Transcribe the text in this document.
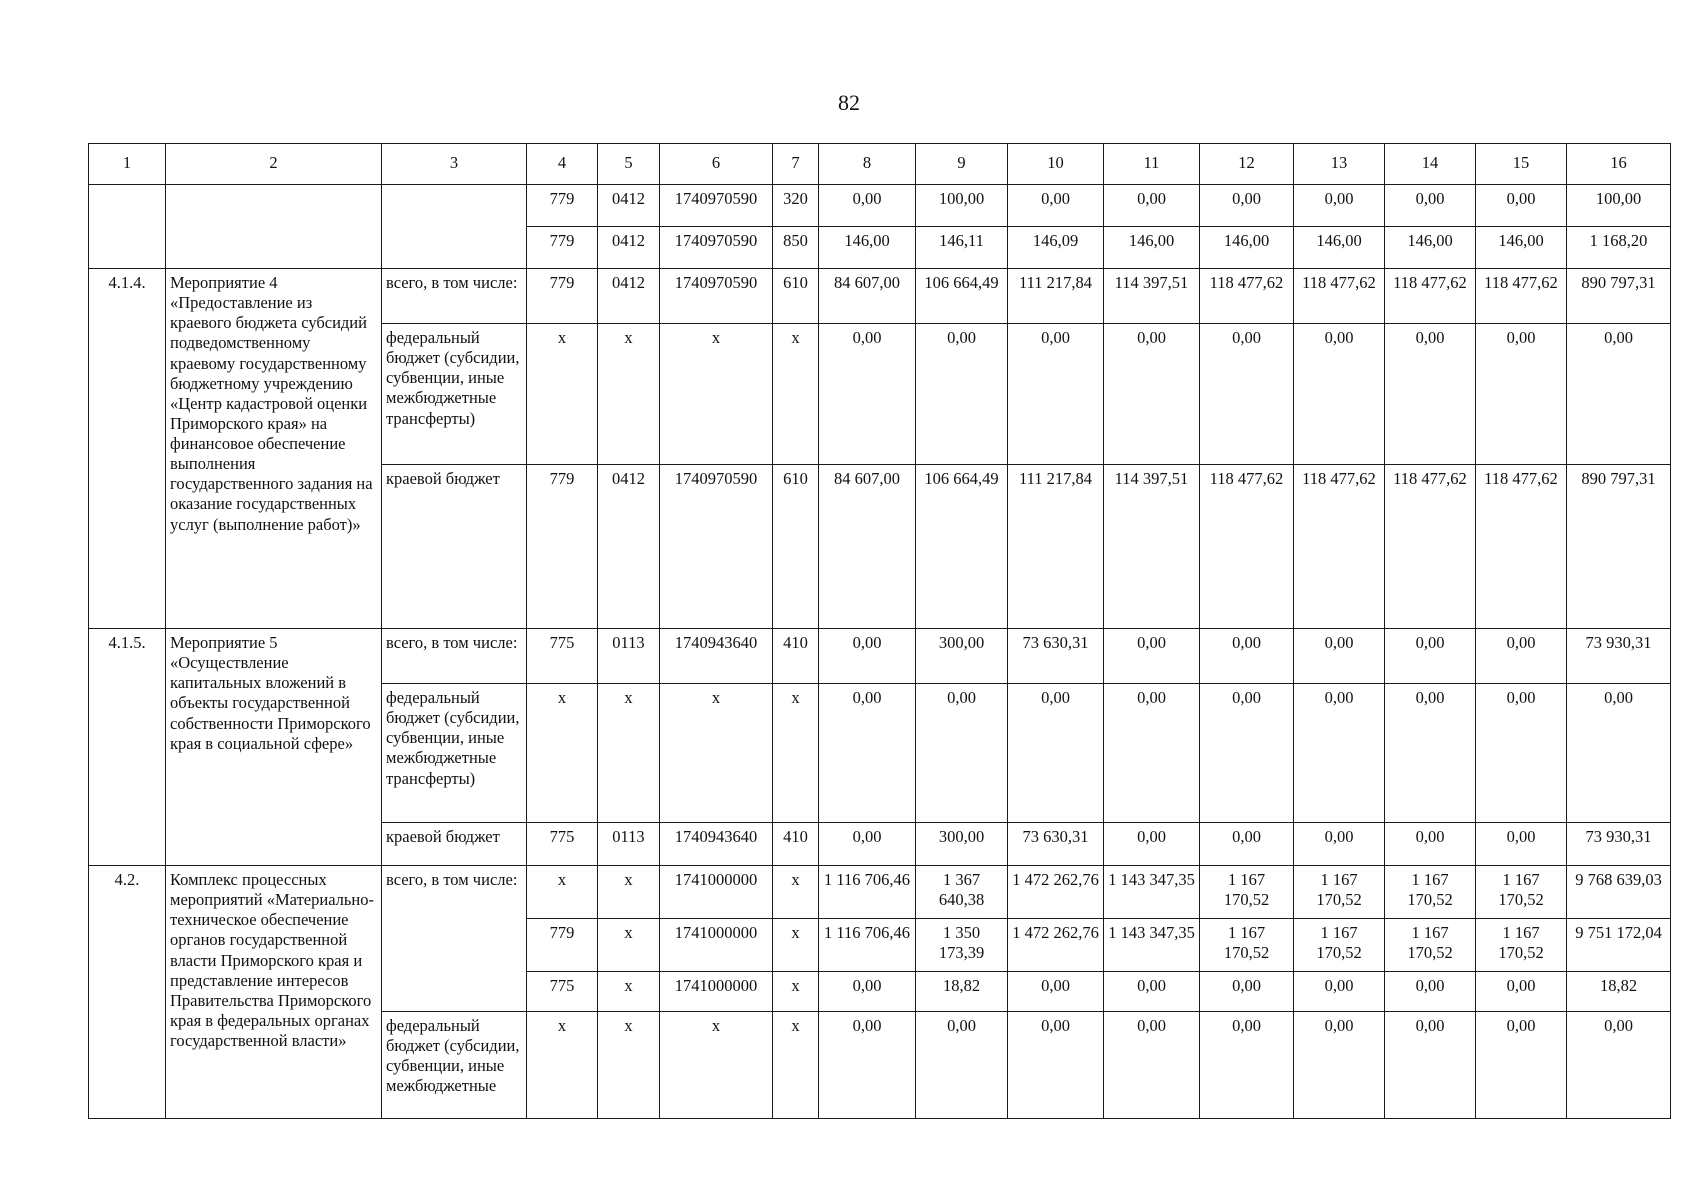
82
1	2	3	4	5	6	7	8	9	10	11	12	13	14	15	16
			779	0412	1740970590	320	0,00	100,00	0,00	0,00	0,00	0,00	0,00	0,00	100,00
			779	0412	1740970590	850	146,00	146,11	146,09	146,00	146,00	146,00	146,00	146,00	1 168,20
4.1.4.	Мероприятие 4 «Предоставление из краевого бюджета субсидий подведомственному краевому государственному бюджетному учреждению «Центр кадастровой оценки Приморского края» на финансовое обеспечение выполнения государственного задания на оказание государственных услуг (выполнение работ)»	всего, в том числе:	779	0412	1740970590	610	84 607,00	106 664,49	111 217,84	114 397,51	118 477,62	118 477,62	118 477,62	118 477,62	890 797,31
		федеральный бюджет (субсидии, субвенции, иные межбюджетные трансферты)	x	x	x	x	0,00	0,00	0,00	0,00	0,00	0,00	0,00	0,00	0,00
		краевой бюджет	779	0412	1740970590	610	84 607,00	106 664,49	111 217,84	114 397,51	118 477,62	118 477,62	118 477,62	118 477,62	890 797,31
4.1.5.	Мероприятие 5 «Осуществление капитальных вложений в объекты государственной собственности Приморского края в социальной сфере»	всего, в том числе:	775	0113	1740943640	410	0,00	300,00	73 630,31	0,00	0,00	0,00	0,00	0,00	73 930,31
		федеральный бюджет (субсидии, субвенции, иные межбюджетные трансферты)	x	x	x	x	0,00	0,00	0,00	0,00	0,00	0,00	0,00	0,00	0,00
		краевой бюджет	775	0113	1740943640	410	0,00	300,00	73 630,31	0,00	0,00	0,00	0,00	0,00	73 930,31
4.2.	Комплекс процессных мероприятий «Материально-техническое обеспечение органов государственной власти Приморского края и представление интересов Правительства Приморского края в федеральных органах государственной власти»	всего, в том числе:	x	x	1741000000	x	1 116 706,46	1 367 640,38	1 472 262,76	1 143 347,35	1 167 170,52	1 167 170,52	1 167 170,52	1 167 170,52	9 768 639,03
			779	x	1741000000	x	1 116 706,46	1 350 173,39	1 472 262,76	1 143 347,35	1 167 170,52	1 167 170,52	1 167 170,52	1 167 170,52	9 751 172,04
			775	x	1741000000	x	0,00	18,82	0,00	0,00	0,00	0,00	0,00	0,00	18,82
		федеральный бюджет (субсидии, субвенции, иные межбюджетные	x	x	x	x	0,00	0,00	0,00	0,00	0,00	0,00	0,00	0,00	0,00
